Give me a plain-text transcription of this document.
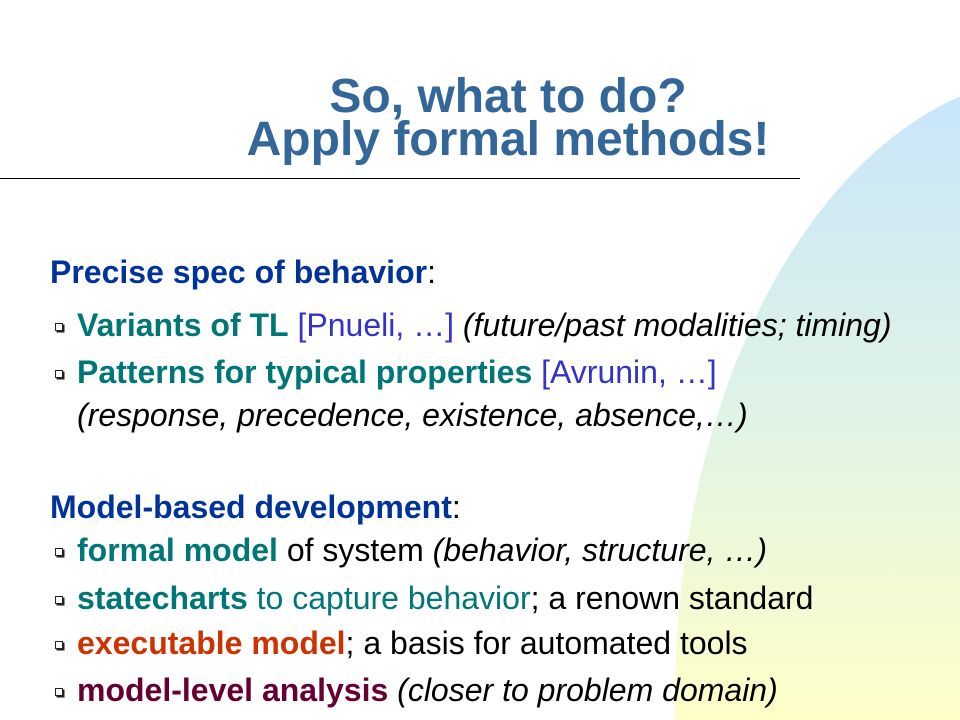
So, what to do?
Apply formal methods!
Precise spec of behavior:
Variants of TL [Pnueli, …] (future/past modalities; timing)
Patterns for typical properties [Avrunin, …]
(response, precedence, existence, absence,…)
Model-based development:
formal model of system (behavior, structure, …)
statecharts to capture behavior; a renown standard
executable model; a basis for automated tools
model-level analysis (closer to problem domain)
